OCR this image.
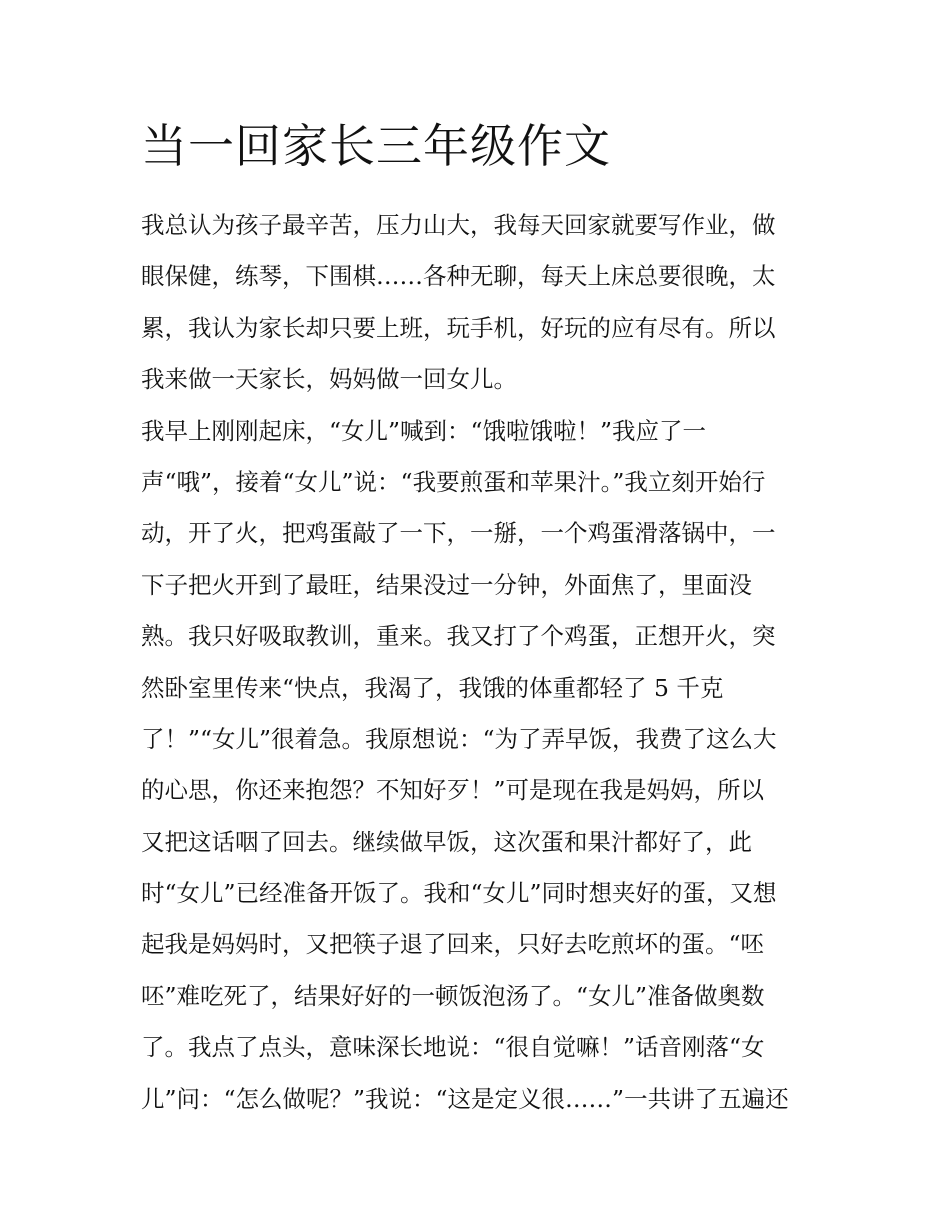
当一回家长三年级作文
我总认为孩子最辛苦，压力山大，我每天回家就要写作业，做
眼保健，练琴，下围棋……各种无聊，每天上床总要很晚，太
累，我认为家长却只要上班，玩手机，好玩的应有尽有。所以
我来做一天家长，妈妈做一回女儿。
我早上刚刚起床，“女儿”喊到：“饿啦饿啦！”我应了一
声“哦”，接着“女儿”说：“我要煎蛋和苹果汁。”我立刻开始行
动，开了火，把鸡蛋敲了一下，一掰，一个鸡蛋滑落锅中，一
下子把火开到了最旺，结果没过一分钟，外面焦了，里面没
熟。我只好吸取教训，重来。我又打了个鸡蛋，正想开火，突
然卧室里传来“快点，我渴了，我饿的体重都轻了 5 千克
了！”“女儿”很着急。我原想说：“为了弄早饭，我费了这么大
的心思，你还来抱怨？不知好歹！”可是现在我是妈妈，所以
又把这话咽了回去。继续做早饭，这次蛋和果汁都好了，此
时“女儿”已经准备开饭了。我和“女儿”同时想夹好的蛋，又想
起我是妈妈时，又把筷子退了回来，只好去吃煎坏的蛋。“呸
呸”难吃死了，结果好好的一顿饭泡汤了。“女儿”准备做奥数
了。我点了点头，意味深长地说：“很自觉嘛！”话音刚落“女
儿”问：“怎么做呢？”我说：“这是定义很……”一共讲了五遍还
